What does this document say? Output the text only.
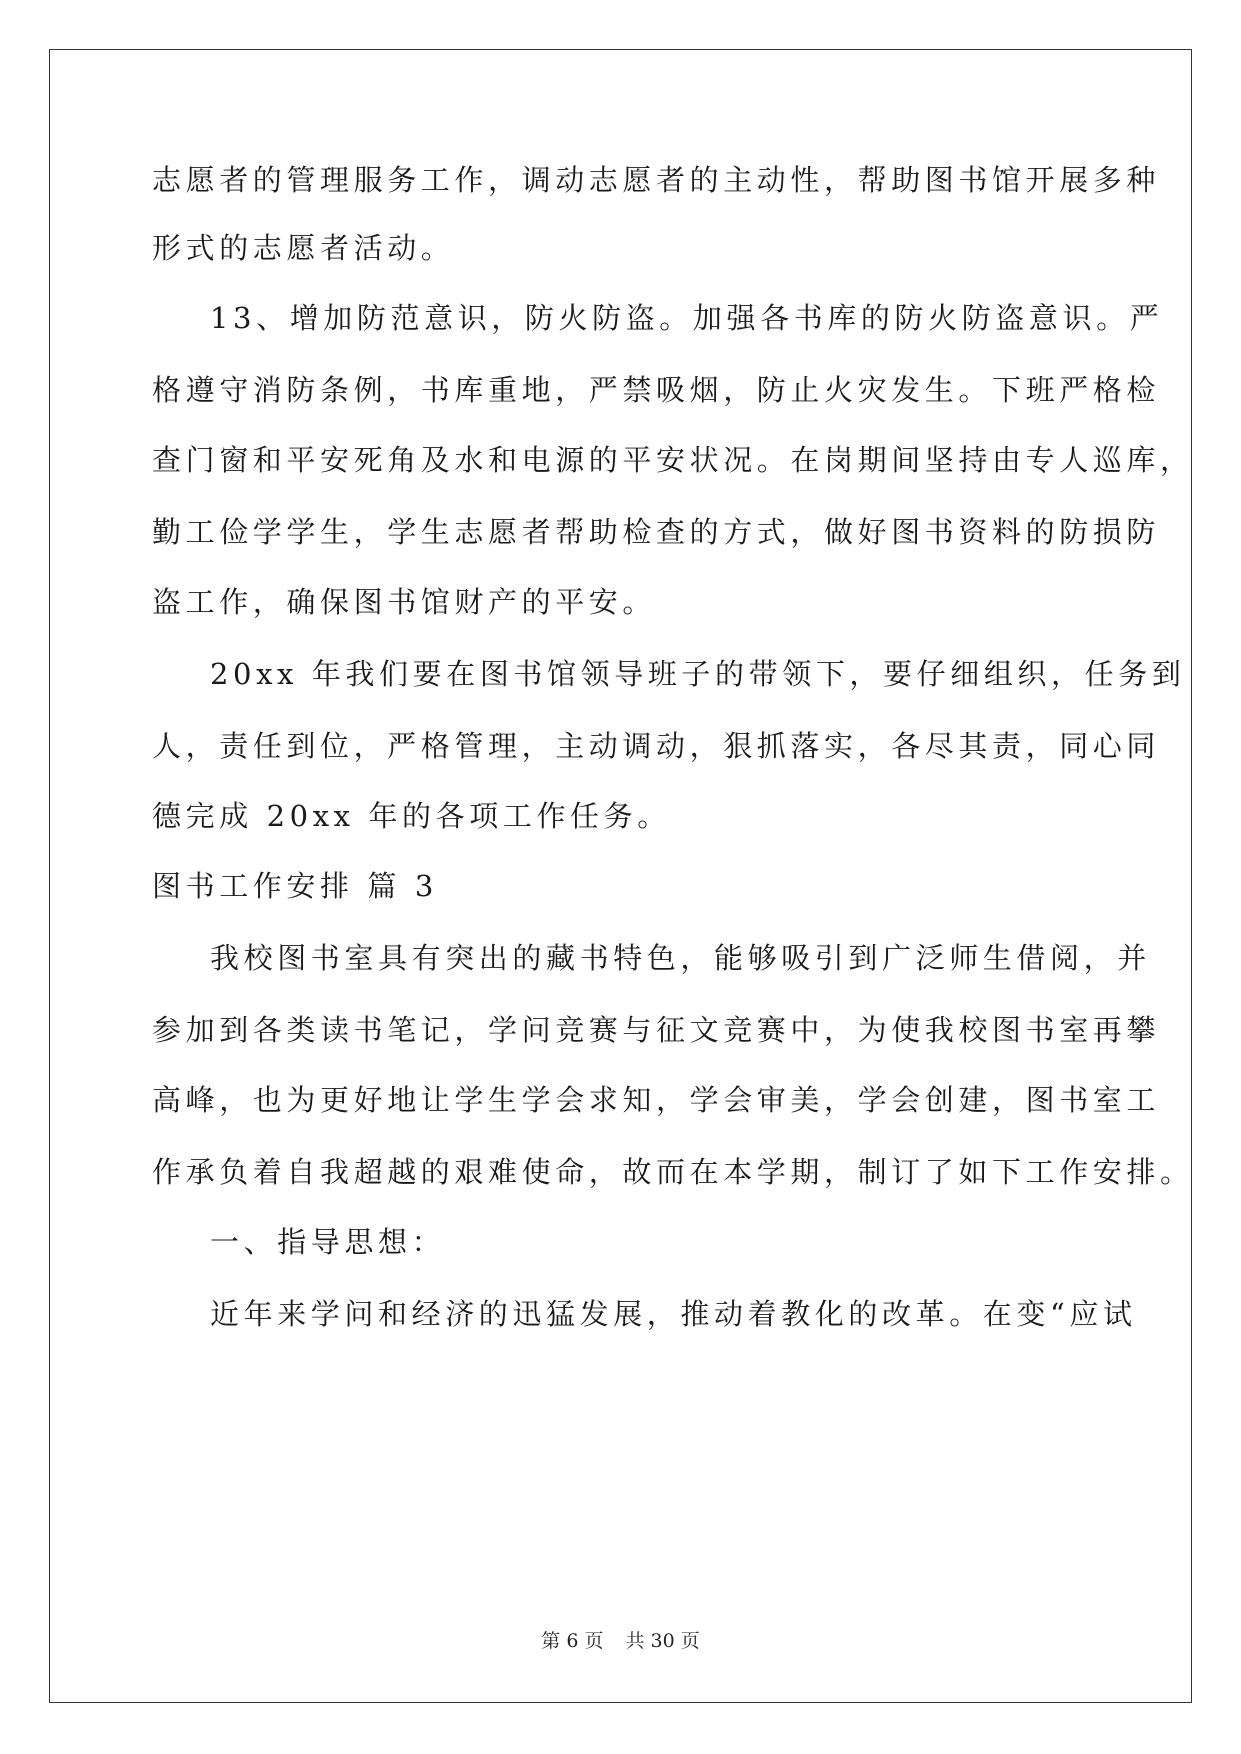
志愿者的管理服务工作，调动志愿者的主动性，帮助图书馆开展多种
形式的志愿者活动。
13、增加防范意识，防火防盗。加强各书库的防火防盗意识。严
格遵守消防条例，书库重地，严禁吸烟，防止火灾发生。下班严格检
查门窗和平安死角及水和电源的平安状况。在岗期间坚持由专人巡库，
勤工俭学学生，学生志愿者帮助检查的方式，做好图书资料的防损防
盗工作，确保图书馆财产的平安。
20xx 年我们要在图书馆领导班子的带领下，要仔细组织，任务到
人，责任到位，严格管理，主动调动，狠抓落实，各尽其责，同心同
德完成 20xx 年的各项工作任务。
图书工作安排 篇 3
我校图书室具有突出的藏书特色，能够吸引到广泛师生借阅，并
参加到各类读书笔记，学问竞赛与征文竞赛中，为使我校图书室再攀
高峰，也为更好地让学生学会求知，学会审美，学会创建，图书室工
作承负着自我超越的艰难使命，故而在本学期，制订了如下工作安排。
一、指导思想：
近年来学问和经济的迅猛发展，推动着教化的改革。在变“应试
第 6 页 共 30 页
